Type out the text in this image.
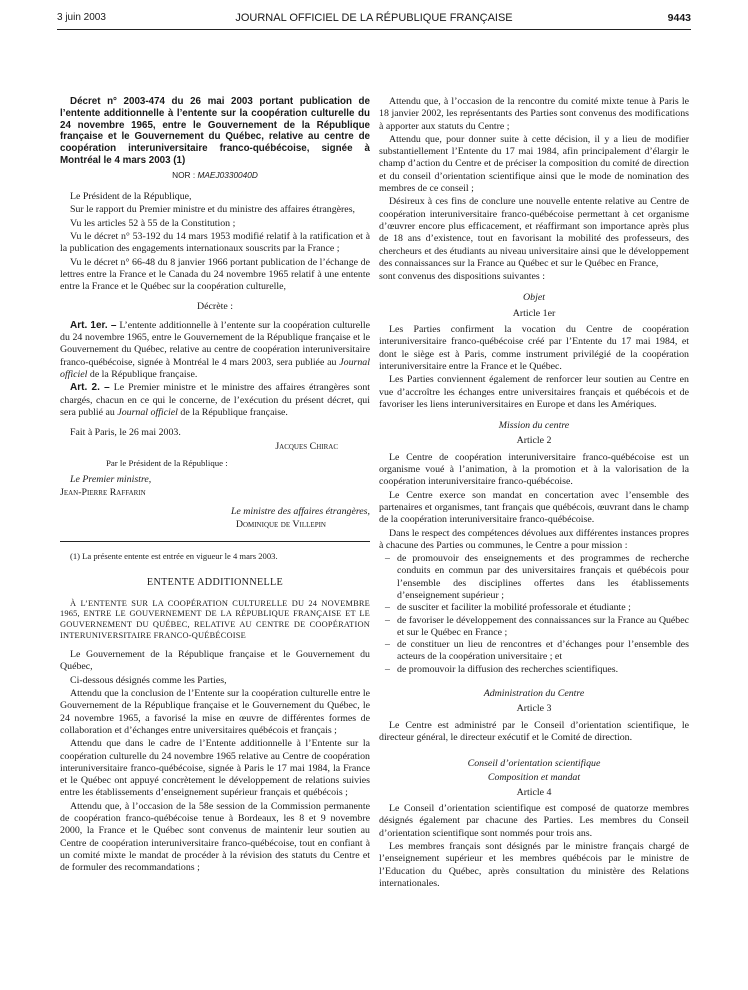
3 juin 2003	JOURNAL OFFICIEL DE LA RÉPUBLIQUE FRANÇAISE	9443

Décret n° 2003-474 du 26 mai 2003 portant publication de l’entente additionnelle à l’entente sur la coopération culturelle du 24 novembre 1965, entre le Gouvernement de la République française et le Gouvernement du Québec, relative au centre de coopération interuniversitaire franco-québécoise, signée à Montréal le 4 mars 2003 (1)

NOR : MAEJ0330040D

Le Président de la République,

Sur le rapport du Premier ministre et du ministre des affaires étrangères,

Vu les articles 52 à 55 de la Constitution ;

Vu le décret n° 53-192 du 14 mars 1953 modifié relatif à la ratification et à la publication des engagements internationaux souscrits par la France ;

Vu le décret n° 66-48 du 8 janvier 1966 portant publication de l’échange de lettres entre la France et le Canada du 24 novembre 1965 relatif à une entente entre la France et le Québec sur la coopération culturelle,

Décrète :

Art. 1er. – L’entente additionnelle à l’entente sur la coopération culturelle du 24 novembre 1965, entre le Gouvernement de la République française et le Gouvernement du Québec, relative au centre de coopération interuniversitaire franco-québécoise, signée à Montréal le 4 mars 2003, sera publiée au Journal officiel de la République française.

Art. 2. – Le Premier ministre et le ministre des affaires étrangères sont chargés, chacun en ce qui le concerne, de l’exécution du présent décret, qui sera publié au Journal officiel de la République française.

Fait à Paris, le 26 mai 2003.

Jacques Chirac

Par le Président de la République :

Le Premier ministre,

Jean-Pierre Raffarin

Le ministre des affaires étrangères,

Dominique de Villepin

(1) La présente entente est entrée en vigueur le 4 mars 2003.

ENTENTE ADDITIONNELLE

À L’ENTENTE SUR LA COOPÉRATION CULTURELLE DU 24 NOVEMBRE 1965, ENTRE LE GOUVERNEMENT DE LA RÉPUBLIQUE FRANÇAISE ET LE GOUVERNEMENT DU QUÉBEC, RELATIVE AU CENTRE DE COOPÉRATION INTERUNIVERSITAIRE FRANCO-QUÉBÉCOISE

Le Gouvernement de la République française et le Gouvernement du Québec,

Ci-dessous désignés comme les Parties,

Attendu que la conclusion de l’Entente sur la coopération culturelle entre le Gouvernement de la République française et le Gouvernement du Québec, le 24 novembre 1965, a favorisé la mise en œuvre de différentes formes de collaboration et d’échanges entre universitaires québécois et français ;

Attendu que dans le cadre de l’Entente additionnelle à l’Entente sur la coopération culturelle du 24 novembre 1965 relative au Centre de coopération interuniversitaire franco-québécoise, signée à Paris le 17 mai 1984, la France et le Québec ont appuyé concrètement le développement de relations suivies entre les établissements d’enseignement supérieur français et québécois ;

Attendu que, à l’occasion de la 58e session de la Commission permanente de coopération franco-québécoise tenue à Bordeaux, les 8 et 9 novembre 2000, la France et le Québec sont convenus de maintenir leur soutien au Centre de coopération interuniversitaire franco-québécoise, tout en confiant à un comité mixte le mandat de procéder à la révision des statuts du Centre et de formuler des recommandations ;

Attendu que, à l’occasion de la rencontre du comité mixte tenue à Paris le 18 janvier 2002, les représentants des Parties sont convenus des modifications à apporter aux statuts du Centre ;

Attendu que, pour donner suite à cette décision, il y a lieu de modifier substantiellement l’Entente du 17 mai 1984, afin principalement d’élargir le champ d’action du Centre et de préciser la composition du comité de direction et du conseil d’orientation scientifique ainsi que le mode de nomination des membres de ce conseil ;

Désireux à ces fins de conclure une nouvelle entente relative au Centre de coopération interuniversitaire franco-québécoise permettant à cet organisme d’œuvrer encore plus efficacement, et réaffirmant son importance après plus de 18 ans d’existence, tout en favorisant la mobilité des professeurs, des chercheurs et des étudiants au niveau universitaire ainsi que le développement des connaissances sur la France au Québec et sur le Québec en France,

sont convenus des dispositions suivantes :

Objet

Article 1er

Les Parties confirment la vocation du Centre de coopération interuniversitaire franco-québécoise créé par l’Entente du 17 mai 1984, et dont le siège est à Paris, comme instrument privilégié de la coopération interuniversitaire entre la France et le Québec.

Les Parties conviennent également de renforcer leur soutien au Centre en vue d’accroître les échanges entre universitaires français et québécois et de favoriser les liens interuniversitaires en Europe et dans les Amériques.

Mission du centre

Article 2

Le Centre de coopération interuniversitaire franco-québécoise est un organisme voué à l’animation, à la promotion et à la valorisation de la coopération interuniversitaire franco-québécoise.

Le Centre exerce son mandat en concertation avec l’ensemble des partenaires et organismes, tant français que québécois, œuvrant dans le champ de la coopération interuniversitaire franco-québécoise.

Dans le respect des compétences dévolues aux différentes instances propres à chacune des Parties ou communes, le Centre a pour mission :

– de promouvoir des enseignements et des programmes de recherche conduits en commun par des universitaires français et québécois pour l’ensemble des disciplines offertes dans les établissements d’enseignement supérieur ;
– de susciter et faciliter la mobilité professorale et étudiante ;
– de favoriser le développement des connaissances sur la France au Québec et sur le Québec en France ;
– de constituer un lieu de rencontres et d’échanges pour l’ensemble des acteurs de la coopération universitaire ; et
– de promouvoir la diffusion des recherches scientifiques.

Administration du Centre

Article 3

Le Centre est administré par le Conseil d’orientation scientifique, le directeur général, le directeur exécutif et le Comité de direction.

Conseil d’orientation scientifique

Composition et mandat

Article 4

Le Conseil d’orientation scientifique est composé de quatorze membres désignés également par chacune des Parties. Les membres du Conseil d’orientation scientifique sont nommés pour trois ans.

Les membres français sont désignés par le ministre français chargé de l’enseignement supérieur et les membres québécois par le ministre de l’Education du Québec, après consultation du ministère des Relations internationales.
